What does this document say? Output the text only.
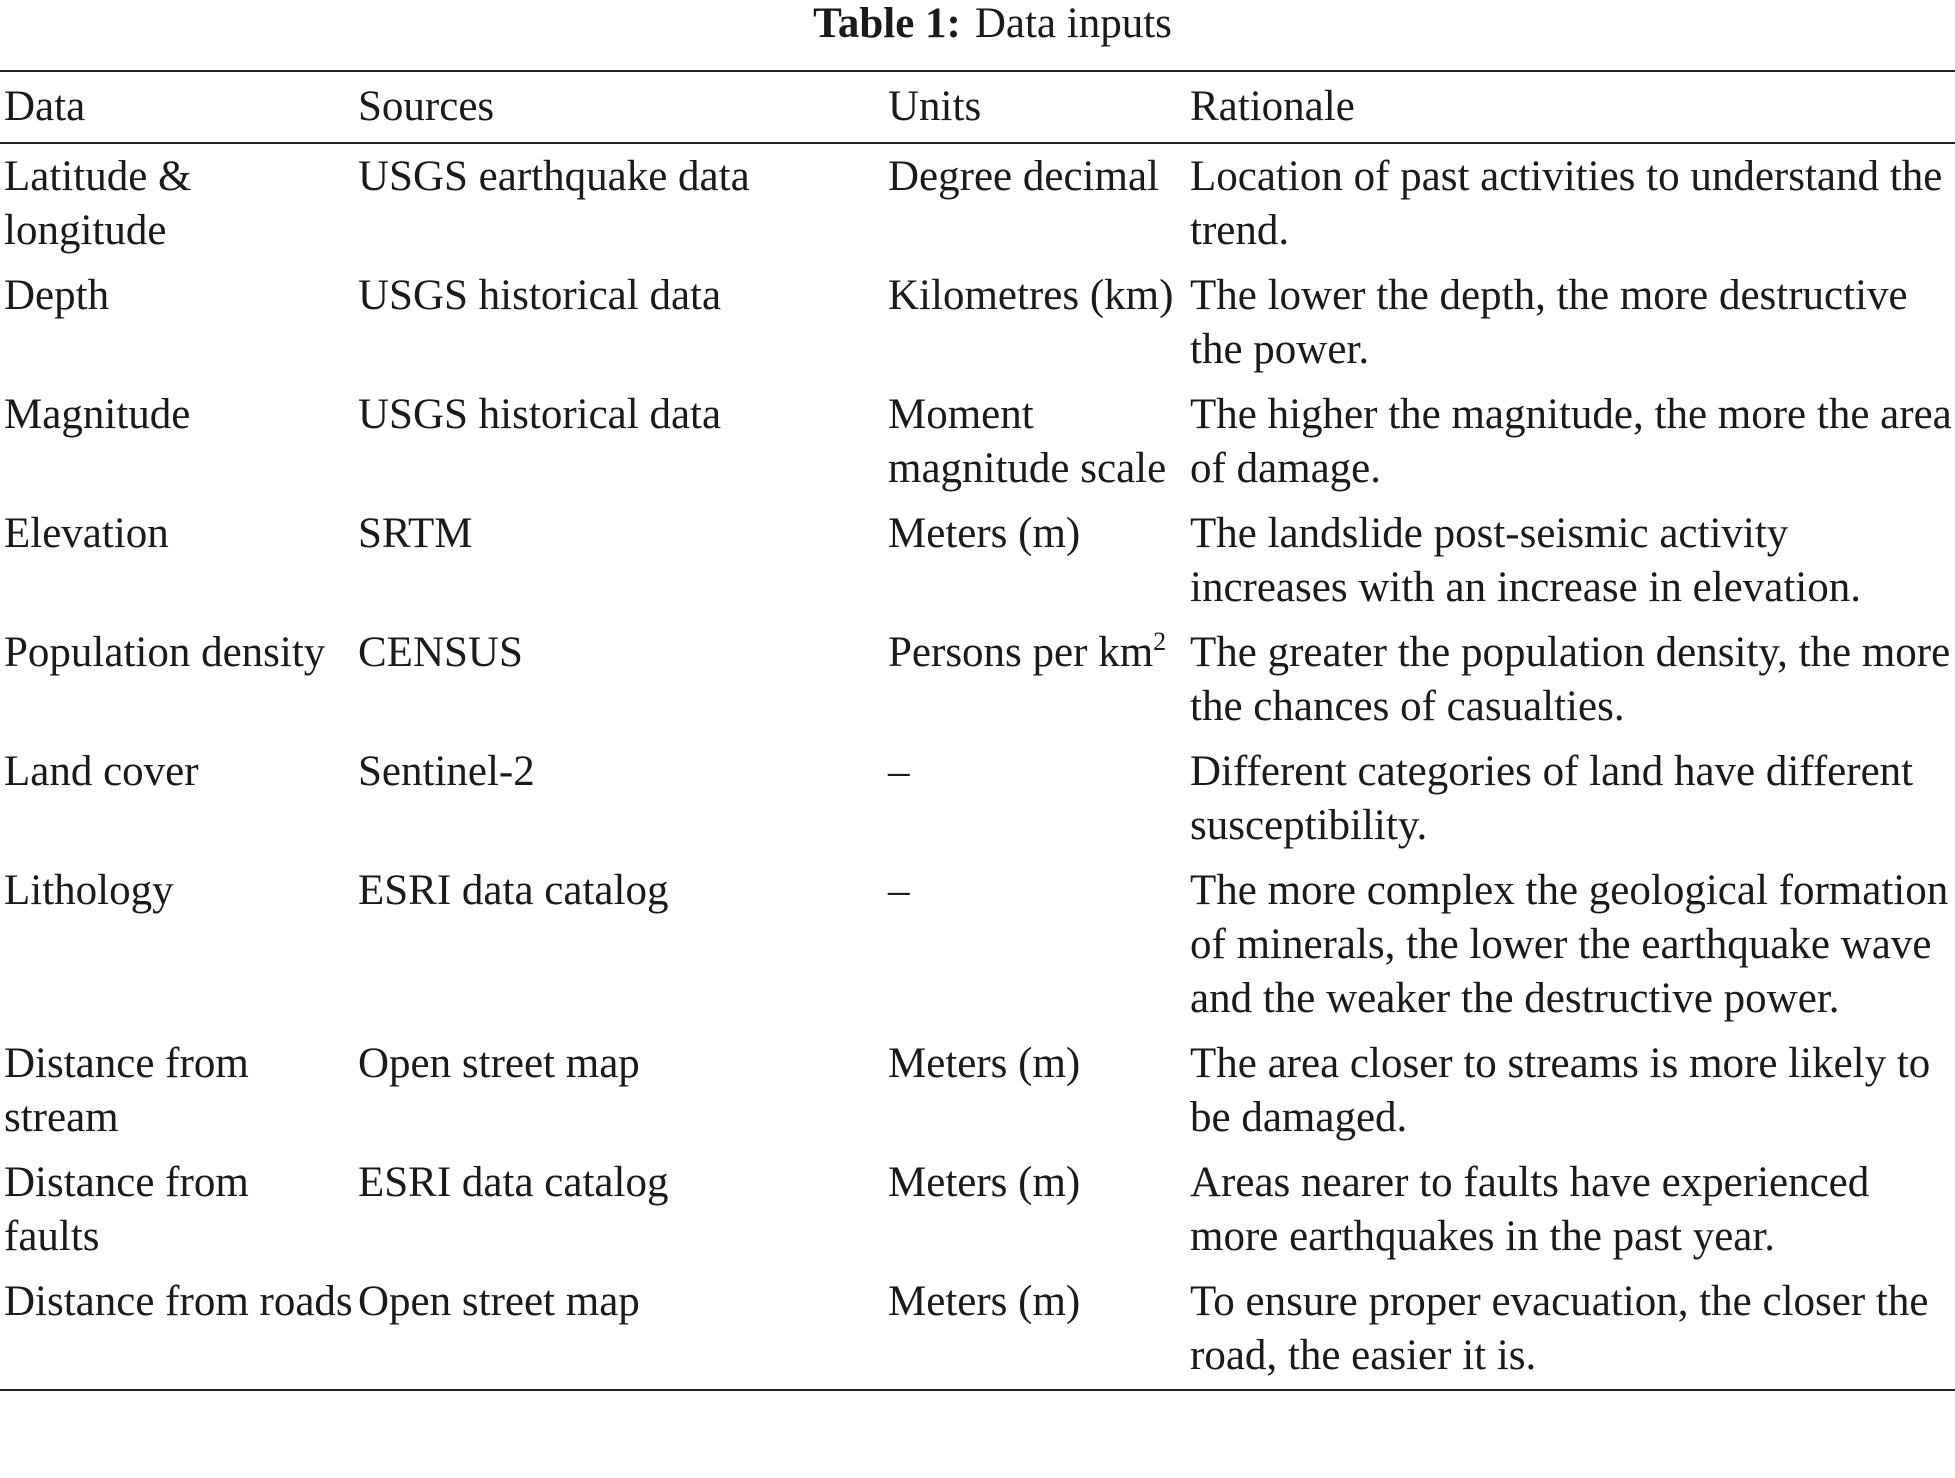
Table 1: Data inputs
Data	Sources	Units	Rationale
Latitude & longitude	USGS earthquake data	Degree decimal	Location of past activities to understand the trend.
Depth	USGS historical data	Kilometres (km)	The lower the depth, the more destructive the power.
Magnitude	USGS historical data	Moment magnitude scale	The higher the magnitude, the more the area of damage.
Elevation	SRTM	Meters (m)	The landslide post-seismic activity increases with an increase in elevation.
Population density	CENSUS	Persons per $km^2$	The greater the population density, the more the chances of casualties.
Land cover	Sentinel-2	–	Different categories of land have different susceptibility.
Lithology	ESRI data catalog	–	The more complex the geological formation of minerals, the lower the earthquake wave and the weaker the destructive power.
Distance from stream	Open street map	Meters (m)	The area closer to streams is more likely to be damaged.
Distance from faults	ESRI data catalog	Meters (m)	Areas nearer to faults have experienced more earthquakes in the past year.
Distance from roads	Open street map	Meters (m)	To ensure proper evacuation, the closer the road, the easier it is.
